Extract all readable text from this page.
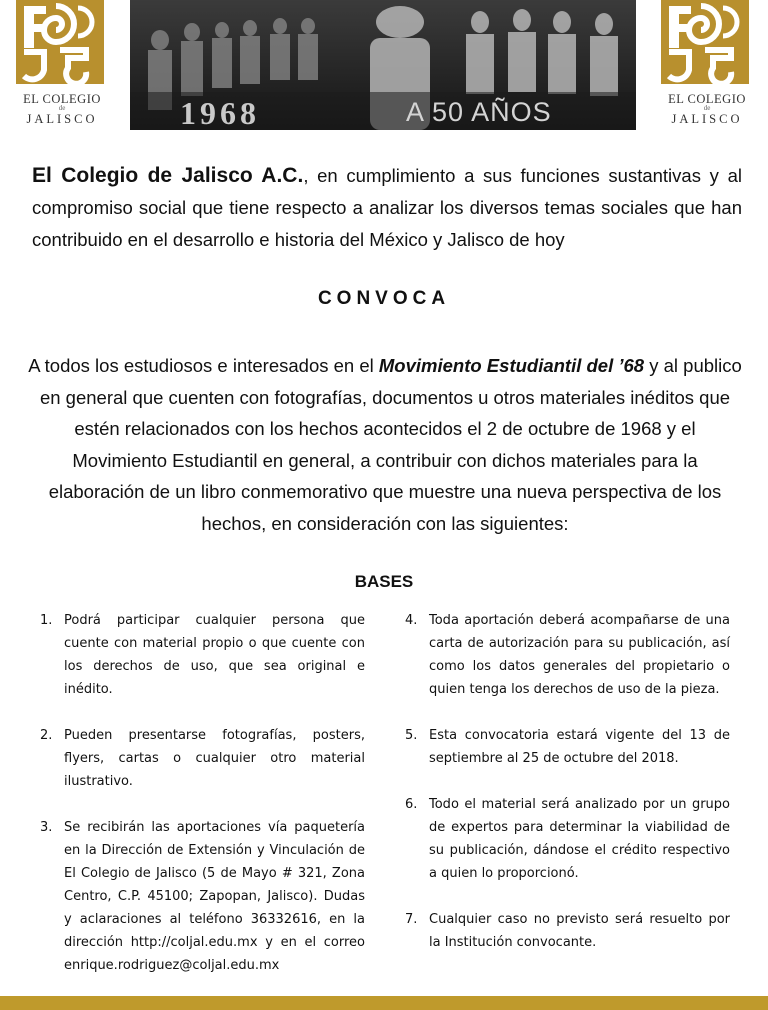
EL COLEGIO
de
JALISCO	1968	A 50 AÑOS	EL COLEGIO
de
JALISCO
El Colegio de Jalisco A.C., en cumplimiento a sus funciones sustantivas y al compromiso social que tiene respecto a analizar los diversos temas sociales que han contribuido en el desarrollo e historia del México y Jalisco de hoy
CONVOCA
A todos los estudiosos e interesados en el Movimiento Estudiantil del ’68 y al publico en general que cuenten con fotografías, documentos u otros materiales inéditos que estén relacionados con los hechos acontecidos el 2 de octubre de 1968 y el Movimiento Estudiantil en general, a contribuir con dichos materiales para la elaboración de un libro conmemorativo que muestre una nueva perspectiva de los hechos, en consideración con las siguientes:
BASES
1. Podrá participar cualquier persona que cuente con material propio o que cuente con los derechos de uso, que sea original e inédito.
2. Pueden presentarse fotografías, posters, flyers, cartas o cualquier otro material ilustrativo.
3. Se recibirán las aportaciones vía paquetería en la Dirección de Extensión y Vinculación de El Colegio de Jalisco (5 de Mayo # 321, Zona Centro, C.P. 45100; Zapopan, Jalisco). Dudas y aclaraciones al teléfono 36332616, en la dirección http://coljal.edu.mx y en el correo enrique.rodriguez@coljal.edu.mx
4. Toda aportación deberá acompañarse de una carta de autorización para su publicación, así como los datos generales del propietario o quien tenga los derechos de uso de la pieza.
5. Esta convocatoria estará vigente del 13 de septiembre al 25 de octubre del 2018.
6. Todo el material será analizado por un grupo de expertos para determinar la viabilidad de su publicación, dándose el crédito respectivo a quien lo proporcionó.
7. Cualquier caso no previsto será resuelto por la Institución convocante.
